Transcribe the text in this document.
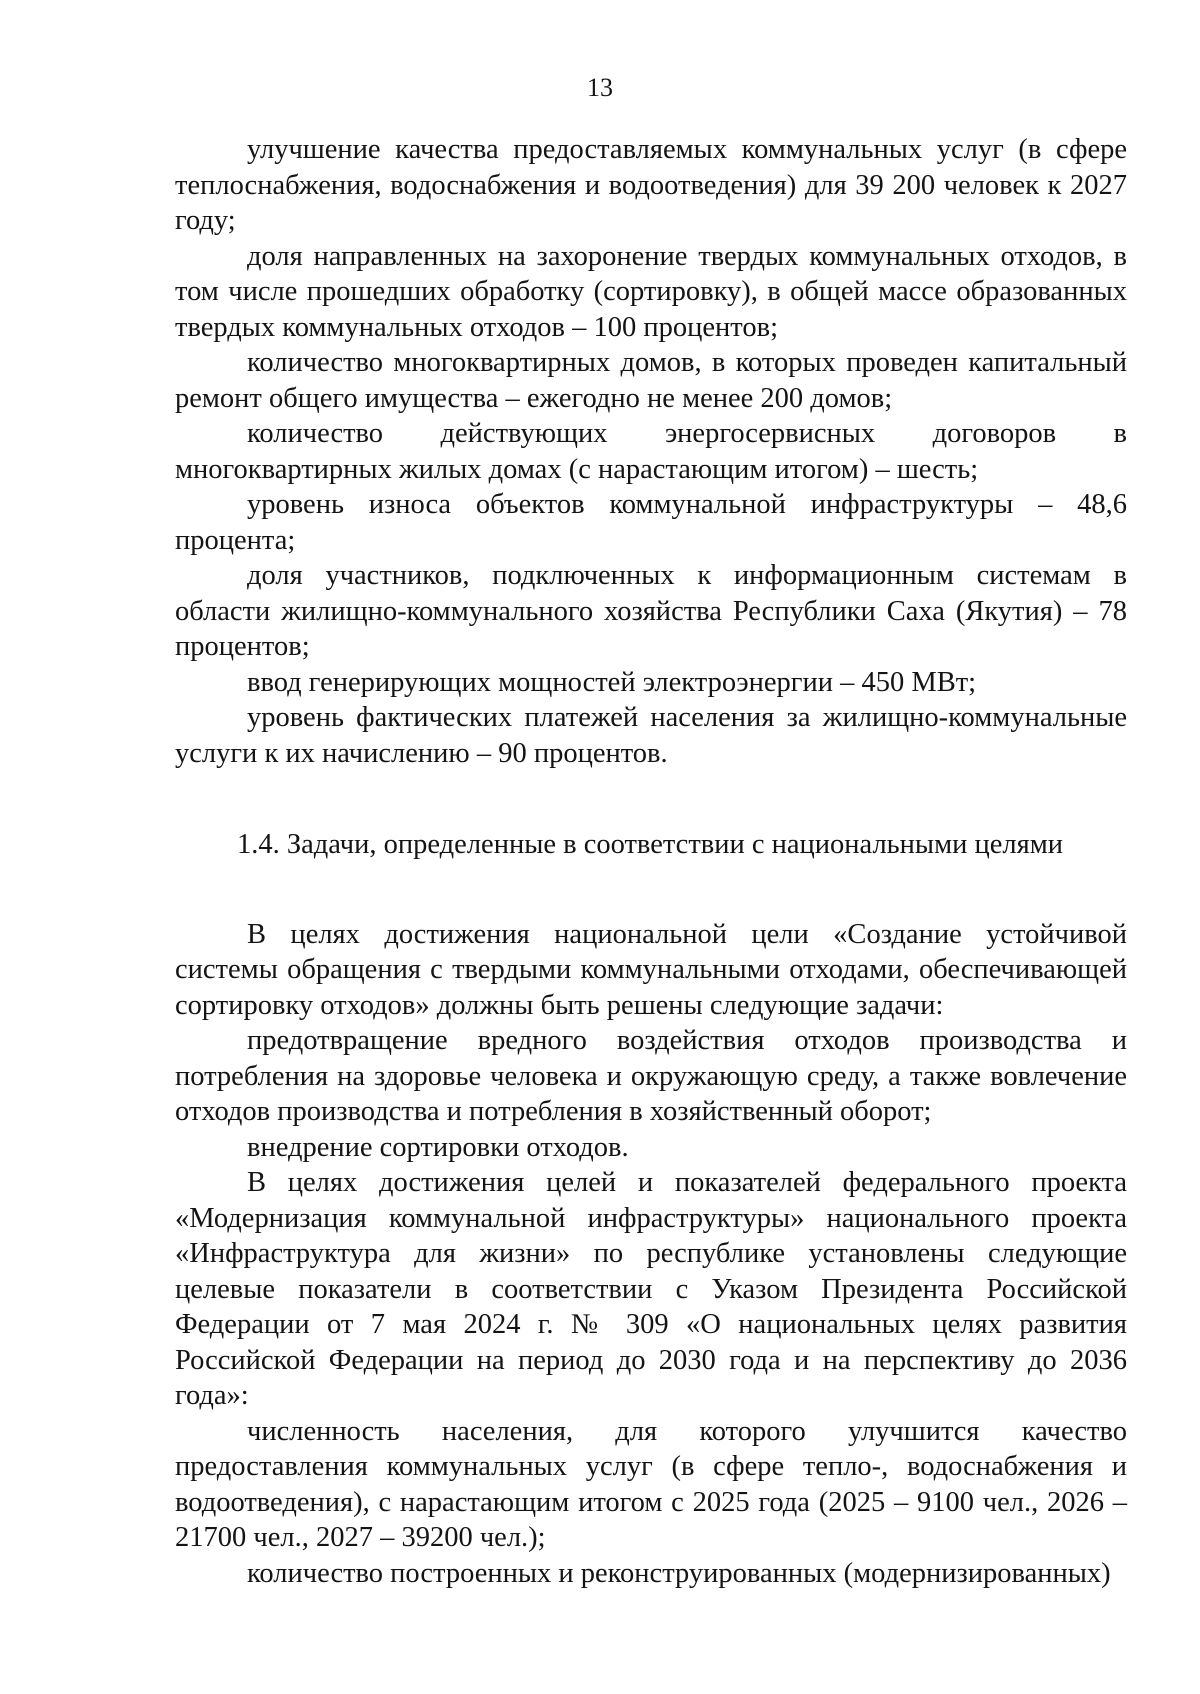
13

улучшение качества предоставляемых коммунальных услуг (в сфере теплоснабжения, водоснабжения и водоотведения) для 39 200 человек к 2027 году;

доля направленных на захоронение твердых коммунальных отходов, в том числе прошедших обработку (сортировку), в общей массе образованных твердых коммунальных отходов – 100 процентов;

количество многоквартирных домов, в которых проведен капитальный ремонт общего имущества – ежегодно не менее 200 домов;

количество действующих энергосервисных договоров в многоквартирных жилых домах (с нарастающим итогом) – шесть;

уровень износа объектов коммунальной инфраструктуры – 48,6 процента;

доля участников, подключенных к информационным системам в области жилищно-коммунального хозяйства Республики Саха (Якутия) – 78 процентов;

ввод генерирующих мощностей электроэнергии – 450 МВт;

уровень фактических платежей населения за жилищно-коммунальные услуги к их начислению – 90 процентов.

1.4. Задачи, определенные в соответствии с национальными целями

В целях достижения национальной цели «Создание устойчивой системы обращения с твердыми коммунальными отходами, обеспечивающей сортировку отходов» должны быть решены следующие задачи:

предотвращение вредного воздействия отходов производства и потребления на здоровье человека и окружающую среду, а также вовлечение отходов производства и потребления в хозяйственный оборот;

внедрение сортировки отходов.

В целях достижения целей и показателей федерального проекта «Модернизация коммунальной инфраструктуры» национального проекта «Инфраструктура для жизни» по республике установлены следующие целевые показатели в соответствии с Указом Президента Российской Федерации от 7 мая 2024 г. № 309 «О национальных целях развития Российской Федерации на период до 2030 года и на перспективу до 2036 года»:

численность населения, для которого улучшится качество предоставления коммунальных услуг (в сфере тепло-, водоснабжения и водоотведения), с нарастающим итогом с 2025 года (2025 – 9100 чел., 2026 – 21700 чел., 2027 – 39200 чел.);

количество построенных и реконструированных (модернизированных)
